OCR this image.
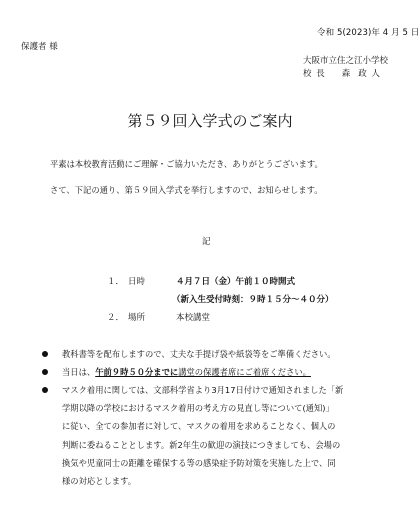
令和 5(2023)年 4 月 5 日
保護者 様
大阪市立住之江小学校
校 長 森 政 人
第５９回入学式のご案内
平素は本校教育活動にご理解・ご協力いただき、ありがとうございます。
さて、下記の通り、第５９回入学式を挙行しますので、お知らせします。
記
１． 日時	４月７日（金）午前１０時開式
（新入生受付時刻：９時１５分～４０分）
２． 場所	本校講堂
教科書等を配布しますので、丈夫な手提げ袋や紙袋等をご準備ください。
当日は、午前９時５０分までに講堂の保護者席にご着席ください。
マスク着用に関しては、文部科学省より3月17日付けで通知されました「新
学期以降の学校におけるマスク着用の考え方の見直し等について(通知)」
に従い、全ての参加者に対して、マスクの着用を求めることなく、個人の
判断に委ねることとします。新2年生の歓迎の演技につきましても、会場の
換気や児童同士の距離を確保する等の感染症予防対策を実施した上で、同
様の対応とします。
